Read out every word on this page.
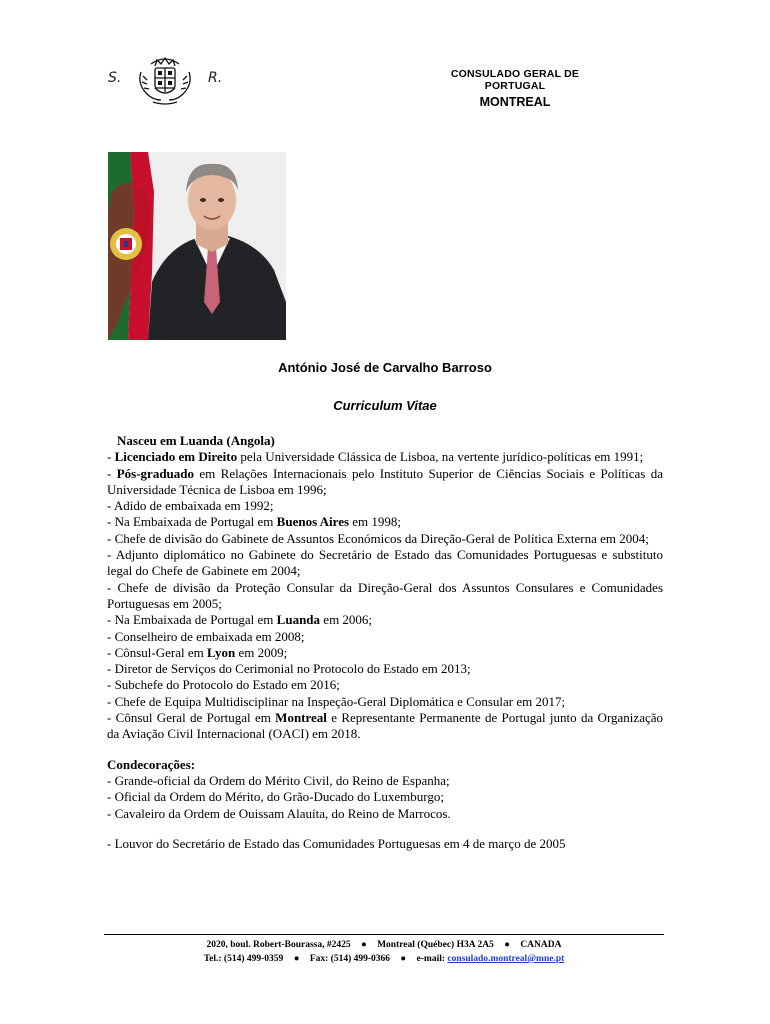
S.	R.	CONSULADO GERAL DE PORTUGAL
MONTREAL
António José de Carvalho Barroso
Curriculum Vitae

Nasceu em Luanda (Angola)

- Licenciado em Direito pela Universidade Clássica de Lisboa, na vertente jurídico-políticas em 1991;

- Pós-graduado em Relações Internacionais pelo Instituto Superior de Ciências Sociais e Políticas da Universidade Técnica de Lisboa em 1996;

- Adido de embaixada em 1992;

- Na Embaixada de Portugal em Buenos Aires em 1998;

- Chefe de divisão do Gabinete de Assuntos Económicos da Direção-Geral de Política Externa em 2004;

- Adjunto diplomático no Gabinete do Secretário de Estado das Comunidades Portuguesas e substituto legal do Chefe de Gabinete em 2004;

- Chefe de divisão da Proteção Consular da Direção-Geral dos Assuntos Consulares e Comunidades Portuguesas em 2005;

- Na Embaixada de Portugal em Luanda em 2006;

- Conselheiro de embaixada em 2008;

- Cônsul-Geral em Lyon em 2009;

- Diretor de Serviços do Cerimonial no Protocolo do Estado em 2013;

- Subchefe do Protocolo do Estado em 2016;

- Chefe de Equipa Multidisciplinar na Inspeção-Geral Diplomática e Consular em 2017;

- Cônsul Geral de Portugal em Montreal e Representante Permanente de Portugal junto da Organização da Aviação Civil Internacional (OACI) em 2018.

Condecorações:

- Grande-oficial da Ordem do Mérito Civil, do Reino de Espanha;

- Oficial da Ordem do Mérito, do Grão-Ducado do Luxemburgo;

- Cavaleiro da Ordem de Ouissam Alauíta, do Reino de Marrocos.

- Louvor do Secretário de Estado das Comunidades Portuguesas em 4 de março de 2005

2020, boul. Robert-Bourassa, #2425 ● Montreal (Québec) H3A 2A5 ● CANADA
Tel.: (514) 499-0359 ● Fax: (514) 499-0366 ● e-mail: consulado.montreal@mne.pt
